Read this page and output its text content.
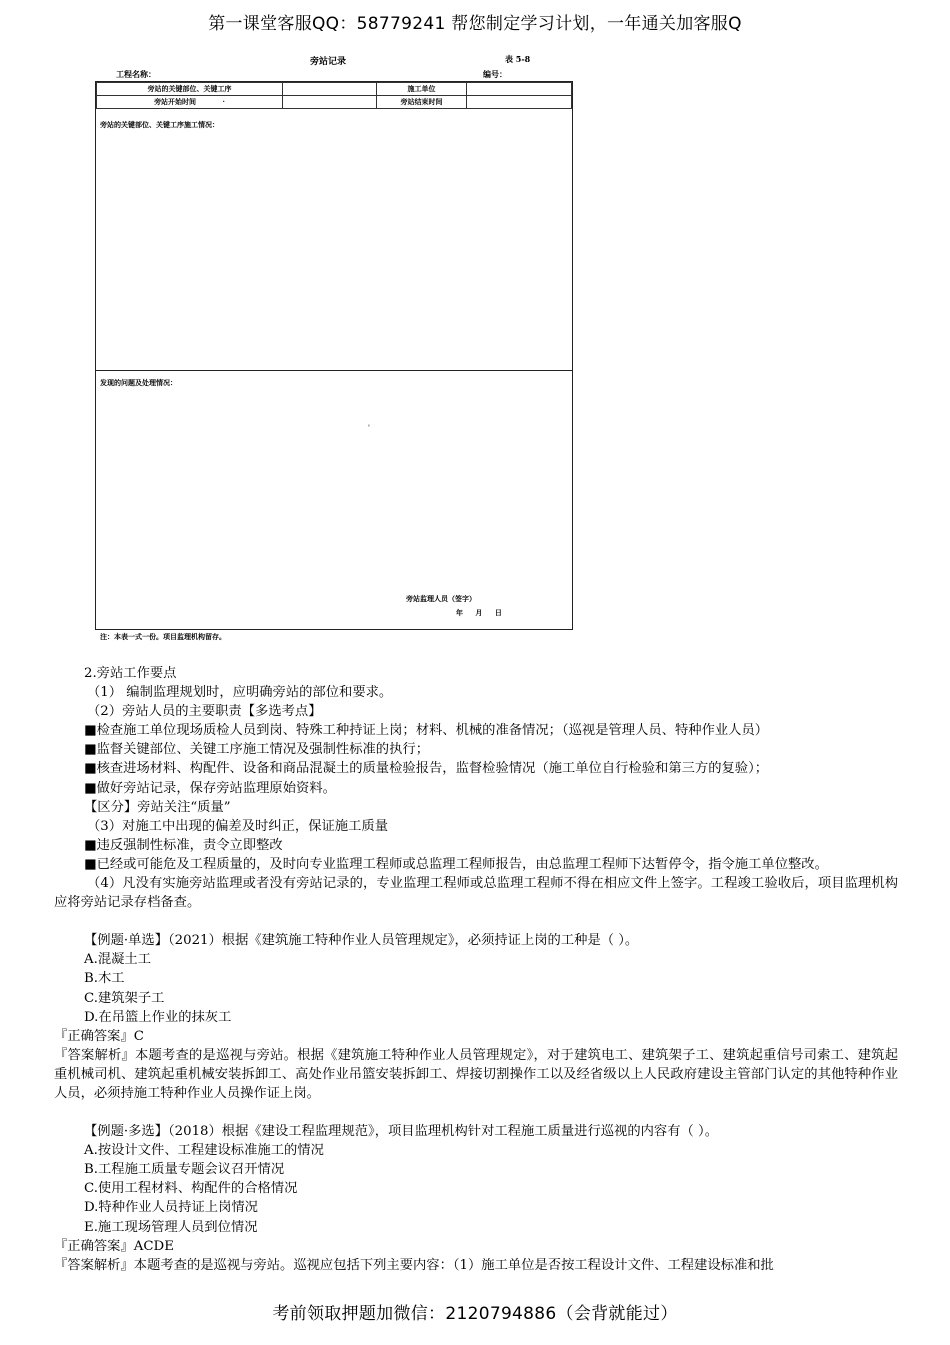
第一课堂客服QQ：58779241 帮您制定学习计划，一年通关加客服Q
旁站记录	表 5-8
工程名称：	编号：
旁站的关键部位、关键工序		施工单位	
旁站开始时间 ·		旁站结束时间	
旁站的关键部位、关键工序施工情况：
发现的问题及处理情况：
'
旁站监理人员（签字）
年 月 日
注：本表一式一份。项目监理机构留存。

2.旁站工作要点

（1） 编制监理规划时，应明确旁站的部位和要求。

（2）旁站人员的主要职责【多选考点】

■检查施工单位现场质检人员到岗、特殊工种持证上岗；材料、机械的准备情况；（巡视是管理人员、特种作业人员）

■监督关键部位、关键工序施工情况及强制性标准的执行；

■核查进场材料、构配件、设备和商品混凝土的质量检验报告，监督检验情况（施工单位自行检验和第三方的复验）；

■做好旁站记录，保存旁站监理原始资料。

【区分】旁站关注“质量”

（3）对施工中出现的偏差及时纠正，保证施工质量

■违反强制性标准，责令立即整改

■已经或可能危及工程质量的，及时向专业监理工程师或总监理工程师报告，由总监理工程师下达暂停令，指令施工单位整改。

（4）凡没有实施旁站监理或者没有旁站记录的，专业监理工程师或总监理工程师不得在相应文件上签字。工程竣工验收后，项目监理机构应将旁站记录存档备查。

【例题·单选】（2021）根据《建筑施工特种作业人员管理规定》，必须持证上岗的工种是（ ）。

A.混凝土工

B.木工

C.建筑架子工

D.在吊篮上作业的抹灰工

『正确答案』C

『答案解析』本题考查的是巡视与旁站。根据《建筑施工特种作业人员管理规定》，对于建筑电工、建筑架子工、建筑起重信号司索工、建筑起重机械司机、建筑起重机械安装拆卸工、高处作业吊篮安装拆卸工、焊接切割操作工以及经省级以上人民政府建设主管部门认定的其他特种作业人员，必须持施工特种作业人员操作证上岗。

【例题·多选】（2018）根据《建设工程监理规范》，项目监理机构针对工程施工质量进行巡视的内容有（ ）。

A.按设计文件、工程建设标准施工的情况

B.工程施工质量专题会议召开情况

C.使用工程材料、构配件的合格情况

D.特种作业人员持证上岗情况

E.施工现场管理人员到位情况

『正确答案』ACDE

『答案解析』本题考查的是巡视与旁站。巡视应包括下列主要内容：（1）施工单位是否按工程设计文件、工程建设标准和批

考前领取押题加微信：2120794886（会背就能过）
